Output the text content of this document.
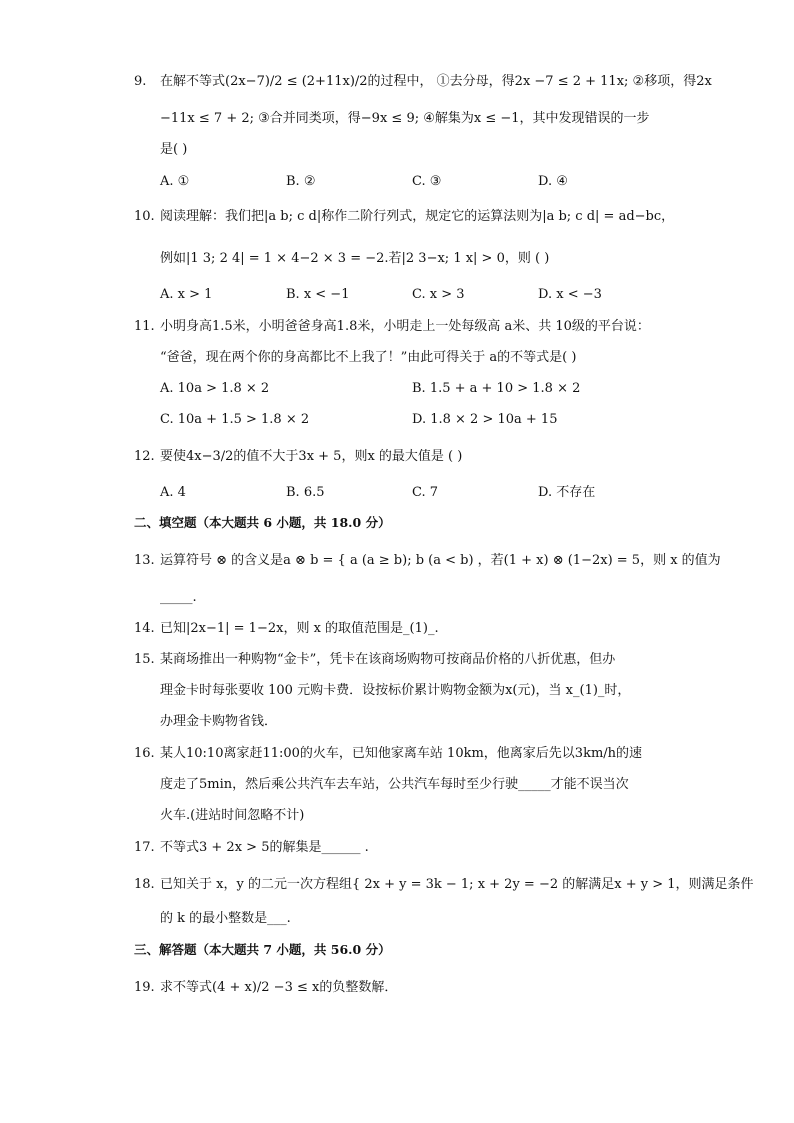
9. 在解不等式(2x−7)/2 ≤ (2+11x)/2的过程中， ①去分母，得2x −7 ≤ 2 + 11x; ②移项，得2x
−11x ≤ 7 + 2; ③合并同类项，得−9x ≤ 9; ④解集为x ≤ −1，其中发现错误的一步
是( )
A. ①	B. ②	C. ③	D. ④
10. 阅读理解：我们把|a b; c d|称作二阶行列式，规定它的运算法则为|a b; c d| = ad−bc，
例如|1 3; 2 4| = 1 × 4−2 × 3 = −2.若|2 3−x; 1 x| > 0，则 ( )
A. x > 1	B. x < −1	C. x > 3	D. x < −3
11. 小明身高1.5米，小明爸爸身高1.8米，小明走上一处每级高 a米、共 10级的平台说：
“爸爸，现在两个你的身高都比不上我了！”由此可得关于 a的不等式是( )
A. 10a > 1.8 × 2	B. 1.5 + a + 10 > 1.8 × 2
C. 10a + 1.5 > 1.8 × 2	D. 1.8 × 2 > 10a + 15
12. 要使4x−3/2的值不大于3x + 5，则x 的最大值是 ( )
A. 4	B. 6.5	C. 7	D. 不存在
二、填空题（本大题共 6 小题，共 18.0 分）
13. 运算符号 ⊗ 的含义是a ⊗ b = { a (a ≥ b); b (a < b) ，若(1 + x) ⊗ (1−2x) = 5，则 x 的值为
_____.
14. 已知|2x−1| = 1−2x，则 x 的取值范围是_(1)_.
15. 某商场推出一种购物“金卡”，凭卡在该商场购物可按商品价格的八折优惠，但办
理金卡时每张要收 100 元购卡费．设按标价累计购物金额为x(元)，当 x_(1)_时，
办理金卡购物省钱．
16. 某人10:10离家赶11:00的火车，已知他家离车站 10km，他离家后先以3km/h的速
度走了5min，然后乘公共汽车去车站，公共汽车每时至少行驶_____才能不误当次
火车.(进站时间忽略不计)
17. 不等式3 + 2x > 5的解集是______ .
18. 已知关于 x，y 的二元一次方程组{ 2x + y = 3k − 1; x + 2y = −2 的解满足x + y > 1，则满足条件
的 k 的最小整数是___.
三、解答题（本大题共 7 小题，共 56.0 分）
19. 求不等式(4 + x)/2 −3 ≤ x的负整数解．
